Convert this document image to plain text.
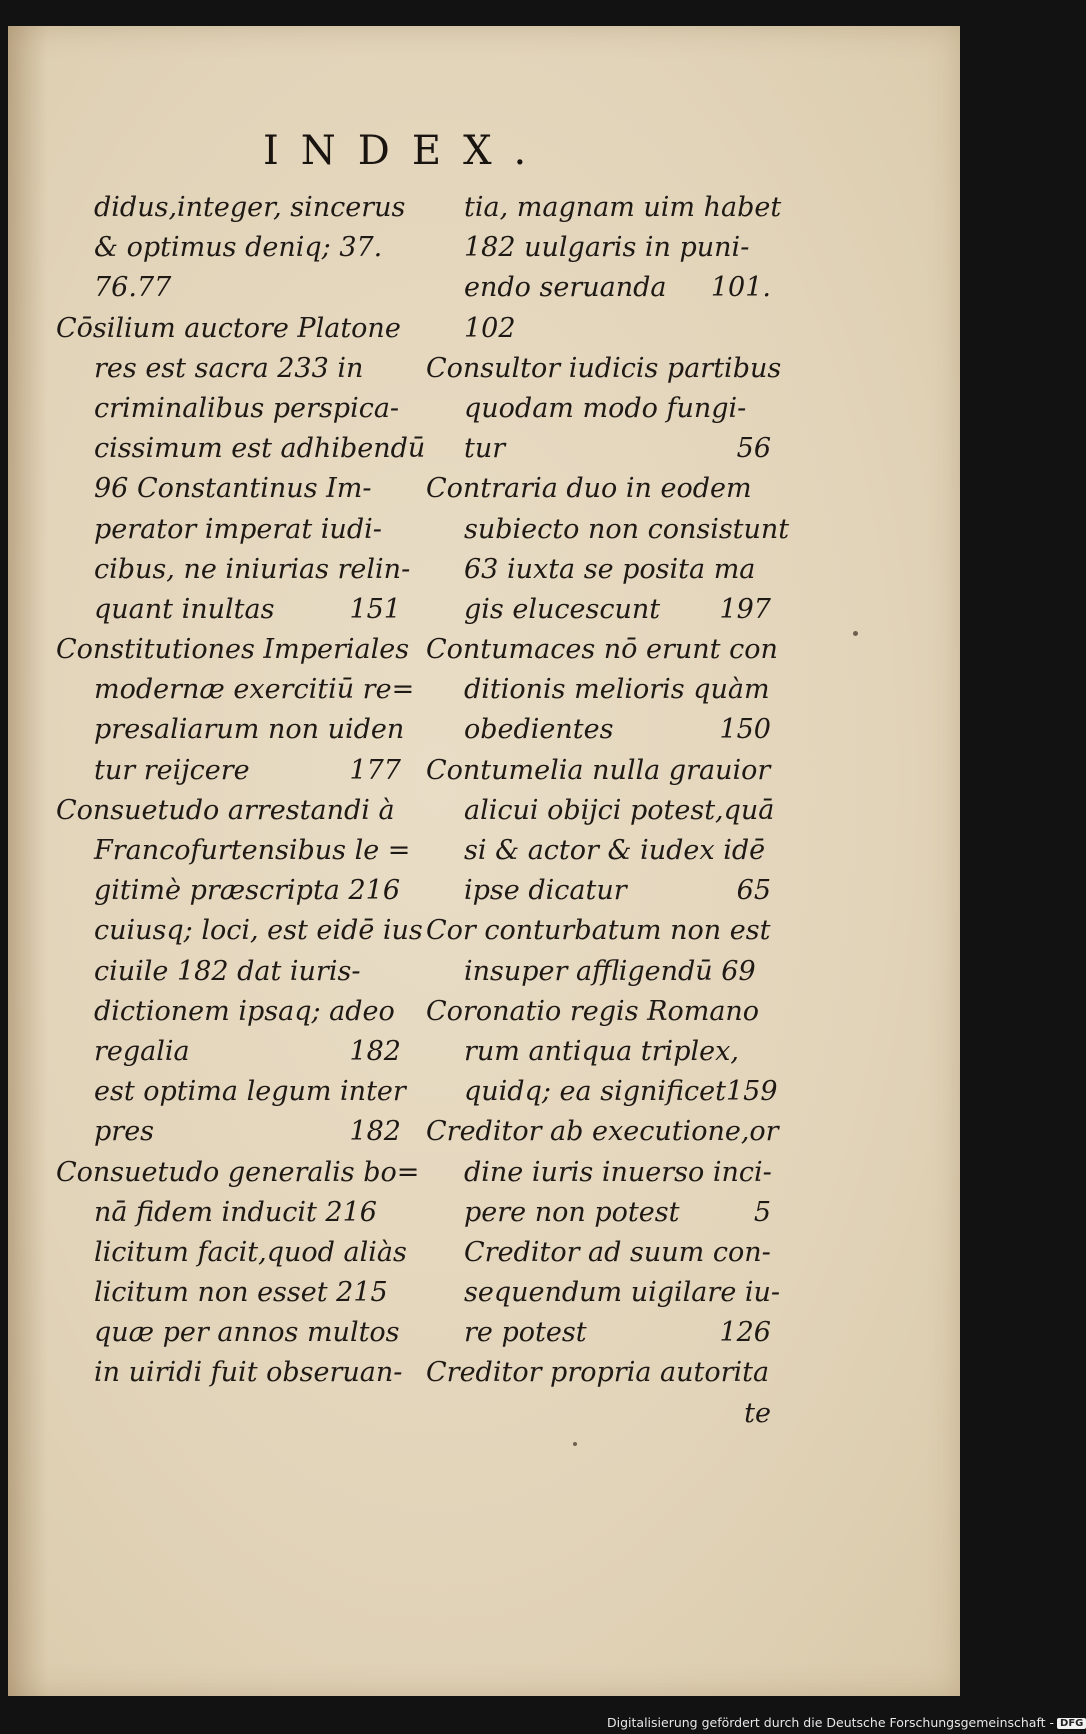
INDEX.
didus,integer, sincerus
& optimus deniq; 37.
76.77
Cōsilium auctore Platone
res est sacra 233 in
criminalibus perspica-
cissimum est adhibendū
96 Constantinus Im-
perator imperat iudi-
cibus, ne iniurias relin-
quant inultas	151
Constitutiones Imperiales
modernæ exercitiū re=
presaliarum non uiden
tur reijcere	177
Consuetudo arrestandi à
Francofurtensibus le =
gitimè præscripta 216
cuiusq; loci, est eidē ius
ciuile 182 dat iuris-
dictionem ipsaq; adeo
regalia	182
est optima legum inter
pres	182
Consuetudo generalis bo=
nā fidem inducit 216
licitum facit,quod aliàs
licitum non esset 215
quæ per annos multos
in uiridi fuit obseruan-
tia, magnam uim habet
182 uulgaris in puni-
endo seruanda 101.
102
Consultor iudicis partibus
quodam modo fungi-
tur	56
Contraria duo in eodem
subiecto non consistunt
63 iuxta se posita ma
gis elucescunt 197
Contumaces nō erunt con
ditionis melioris quàm
obedientes	150
Contumelia nulla grauior
alicui obijci potest,quā
si & actor & iudex idē
ipse dicatur	65
Cor conturbatum non est
insuper affligendū 69
Coronatio regis Romano
rum antiqua triplex,
quidq; ea significet159
Creditor ab executione,or
dine iuris inuerso inci-
pere non potest	5
Creditor ad suum con-
sequendum uigilare iu-
re potest	126
Creditor propria autorita
te
Digitalisierung gefördert durch die Deutsche Forschungsgemeinschaft - DFG
